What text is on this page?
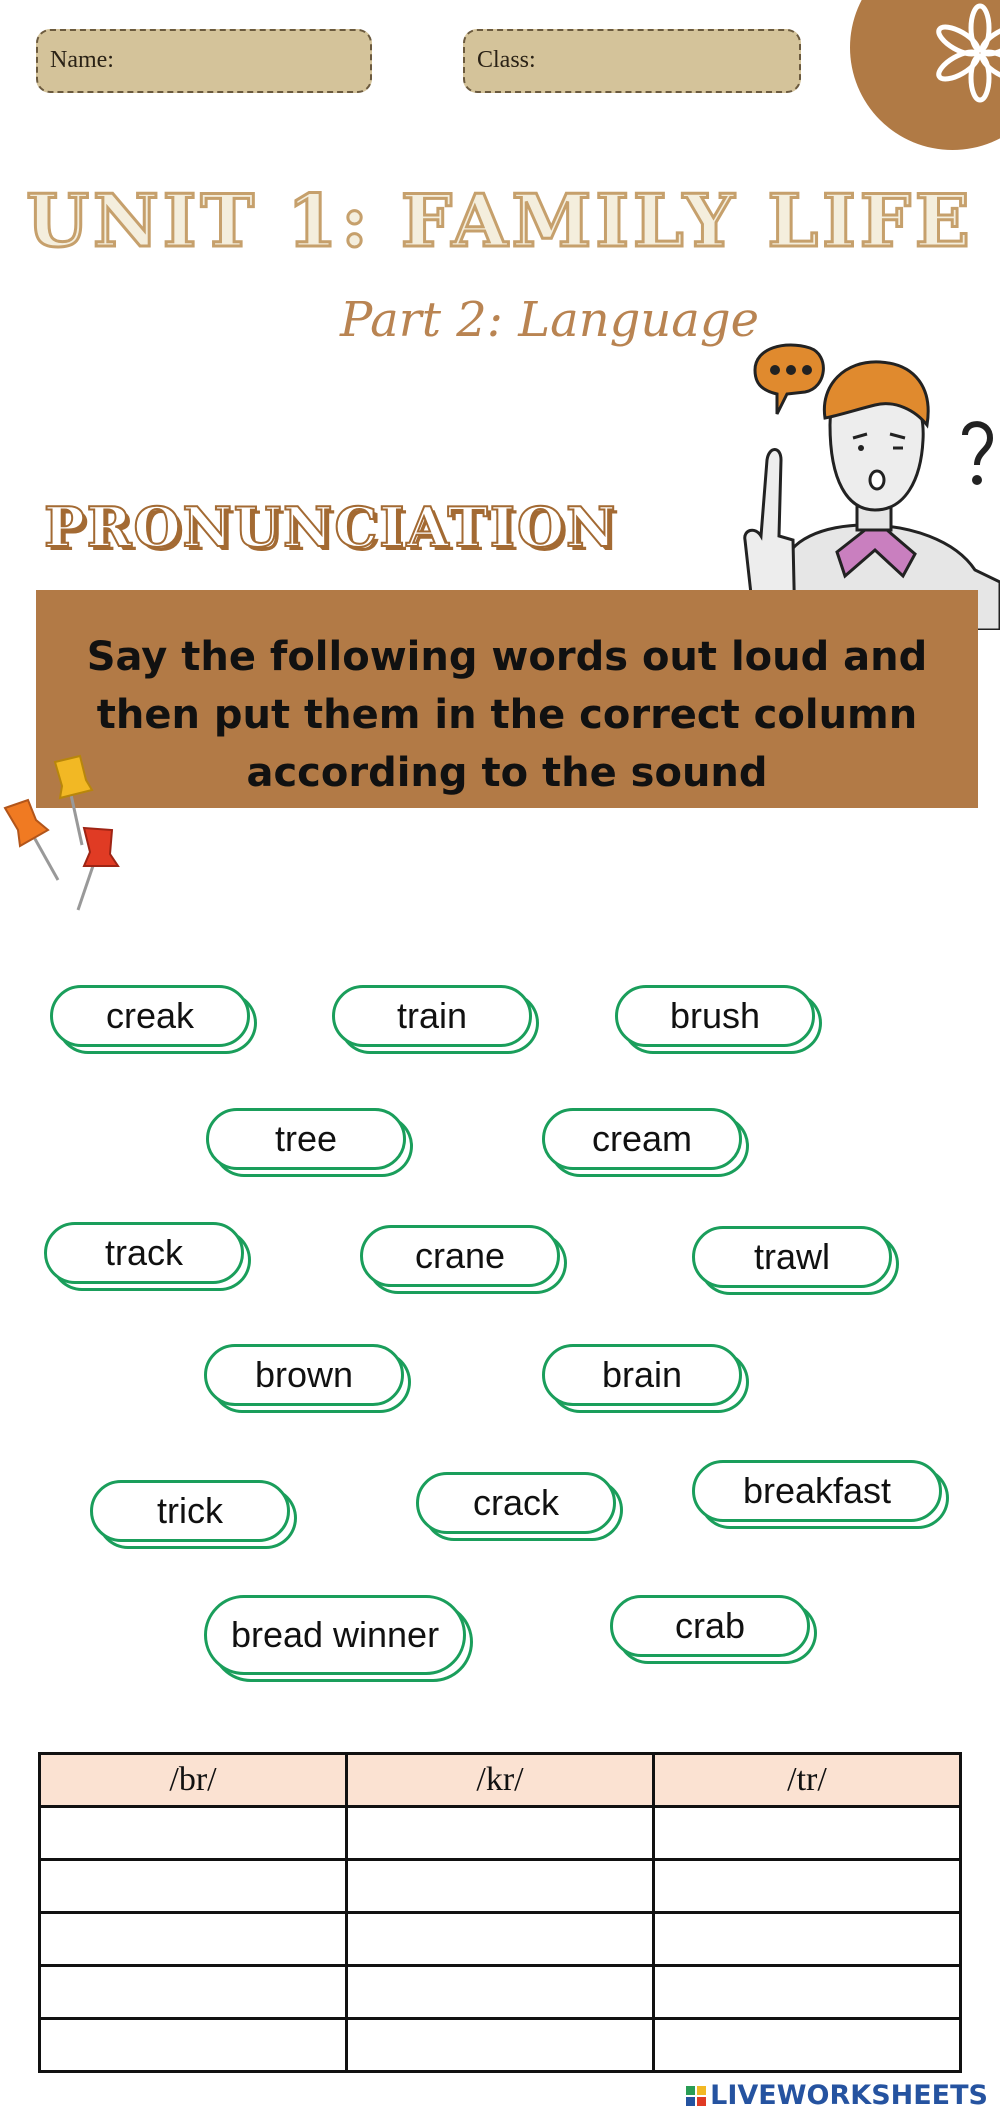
Name:	Class:
UNIT 1: FAMILY LIFE
Part 2: Language
PRONUNCIATION
Say the following words out loud and then put them in the correct column according to the sound
creak	train	brush
tree	cream
track	crane	trawl
brown	brain
trick	crack	breakfast
bread winner	crab
/br/	/kr/	/tr/

LIVEWORKSHEETS
